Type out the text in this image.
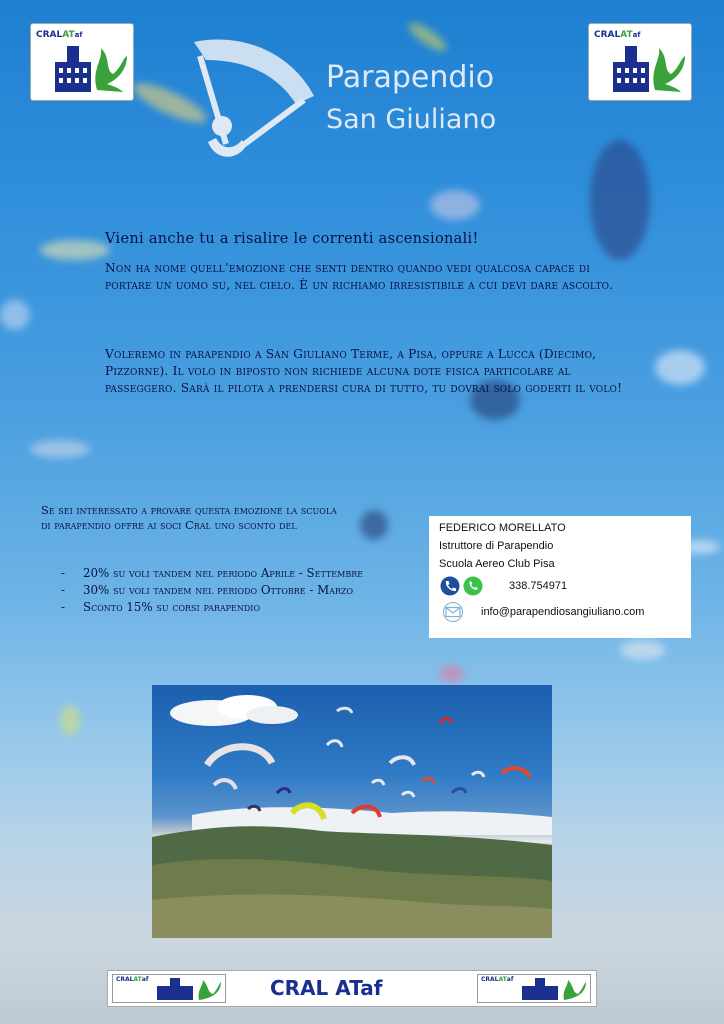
CRALATaf	CRALATaf
Parapendio
San Giuliano
Vieni anche tu a risalire le correnti ascensionali!
Non ha nome quell’emozione che senti dentro quando vedi qualcosa capace di portare un uomo su, nel cielo. È un richiamo irresistibile a cui devi dare ascolto.
Voleremo in parapendio a San Giuliano Terme, a Pisa, oppure a Lucca (Diecimo, Pizzorne). Il volo in biposto non richiede alcuna dote fisica particolare al passeggero. Sarà il pilota a prendersi cura di tutto, tu dovrai solo goderti il volo!
Se sei interessato a provare questa emozione la scuola di parapendio offre ai soci Cral uno sconto del
- 20% su voli tandem nel periodo Aprile - Settembre
- 30% su voli tandem nel periodo Ottobre - Marzo
- Sconto 15% su corsi parapendio
FEDERICO MORELLATO
Istruttore di Parapendio
Scuola Aereo Club Pisa
338.754971
info@parapendiosangiuliano.com
CRALATaf	CRAL ATaf	CRALATaf
